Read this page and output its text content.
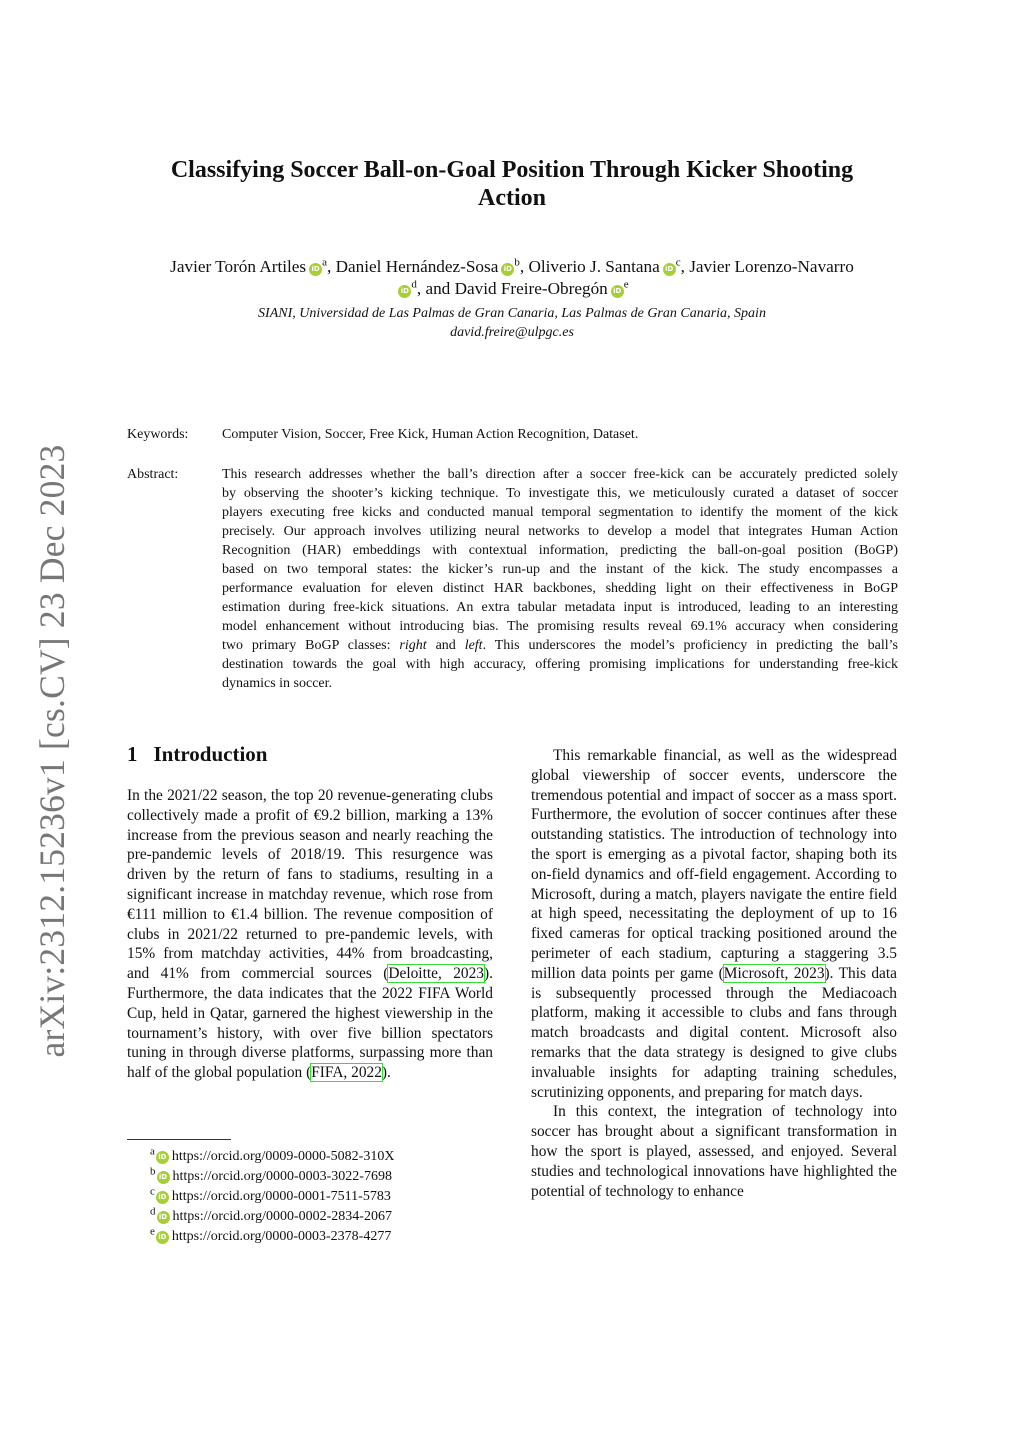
arXiv:2312.15236v1 [cs.CV] 23 Dec 2023
Classifying Soccer Ball-on-Goal Position Through Kicker Shooting Action
Javier Torón Artiles $iD^a$, Daniel Hernández-Sosa $iD^b$, Oliverio J. Santana $iD^c$, Javier Lorenzo-Navarro
$iD^d$, and David Freire-Obregón $iD^e$
SIANI, Universidad de Las Palmas de Gran Canaria, Las Palmas de Gran Canaria, Spain
david.freire@ulpgc.es
Keywords: Computer Vision, Soccer, Free Kick, Human Action Recognition, Dataset.
Abstract:	This research addresses whether the ball’s direction after a soccer free-kick can be accurately predicted solely
by observing the shooter’s kicking technique. To investigate this, we meticulously curated a dataset of soccer
players executing free kicks and conducted manual temporal segmentation to identify the moment of the kick
precisely. Our approach involves utilizing neural networks to develop a model that integrates Human Action
Recognition (HAR) embeddings with contextual information, predicting the ball-on-goal position (BoGP)
based on two temporal states: the kicker’s run-up and the instant of the kick. The study encompasses a
performance evaluation for eleven distinct HAR backbones, shedding light on their effectiveness in BoGP
estimation during free-kick situations. An extra tabular metadata input is introduced, leading to an interesting
model enhancement without introducing bias. The promising results reveal 69.1% accuracy when considering
two primary BoGP classes: right and left. This underscores the model’s proficiency in predicting the ball’s
destination towards the goal with high accuracy, offering promising implications for understanding free-kick
dynamics in soccer.
1 Introduction

In the 2021/22 season, the top 20 revenue-generating clubs collectively made a profit of €9.2 billion, marking a 13% increase from the previous season and nearly reaching the pre-pandemic levels of 2018/19. This resurgence was driven by the return of fans to stadiums, resulting in a significant increase in matchday revenue, which rose from €111 million to €1.4 billion. The revenue composition of clubs in 2021/22 returned to pre-pandemic levels, with 15% from matchday activities, 44% from broadcasting, and 41% from commercial sources (Deloitte, 2023). Furthermore, the data indicates that the 2022 FIFA World Cup, held in Qatar, garnered the highest viewership in the tournament’s history, with over five billion spectators tuning in through diverse platforms, surpassing more than half of the global population (FIFA, 2022).

$^a$ iD https://orcid.org/0009-0000-5082-310X
$^b$ iD https://orcid.org/0000-0003-3022-7698
$^c$ iD https://orcid.org/0000-0001-7511-5783
$^d$ iD https://orcid.org/0000-0002-2834-2067
$^e$ iD https://orcid.org/0000-0003-2378-4277

This remarkable financial, as well as the widespread global viewership of soccer events, underscore the tremendous potential and impact of soccer as a mass sport. Furthermore, the evolution of soccer continues after these outstanding statistics. The introduction of technology into the sport is emerging as a pivotal factor, shaping both its on-field dynamics and off-field engagement. According to Microsoft, during a match, players navigate the entire field at high speed, necessitating the deployment of up to 16 fixed cameras for optical tracking positioned around the perimeter of each stadium, capturing a staggering 3.5 million data points per game (Microsoft, 2023). This data is subsequently processed through the Mediacoach platform, making it accessible to clubs and fans through match broadcasts and digital content. Microsoft also remarks that the data strategy is designed to give clubs invaluable insights for adapting training schedules, scrutinizing opponents, and preparing for match days.

In this context, the integration of technology into soccer has brought about a significant transformation in how the sport is played, assessed, and enjoyed. Several studies and technological innovations have highlighted the potential of technology to enhance
